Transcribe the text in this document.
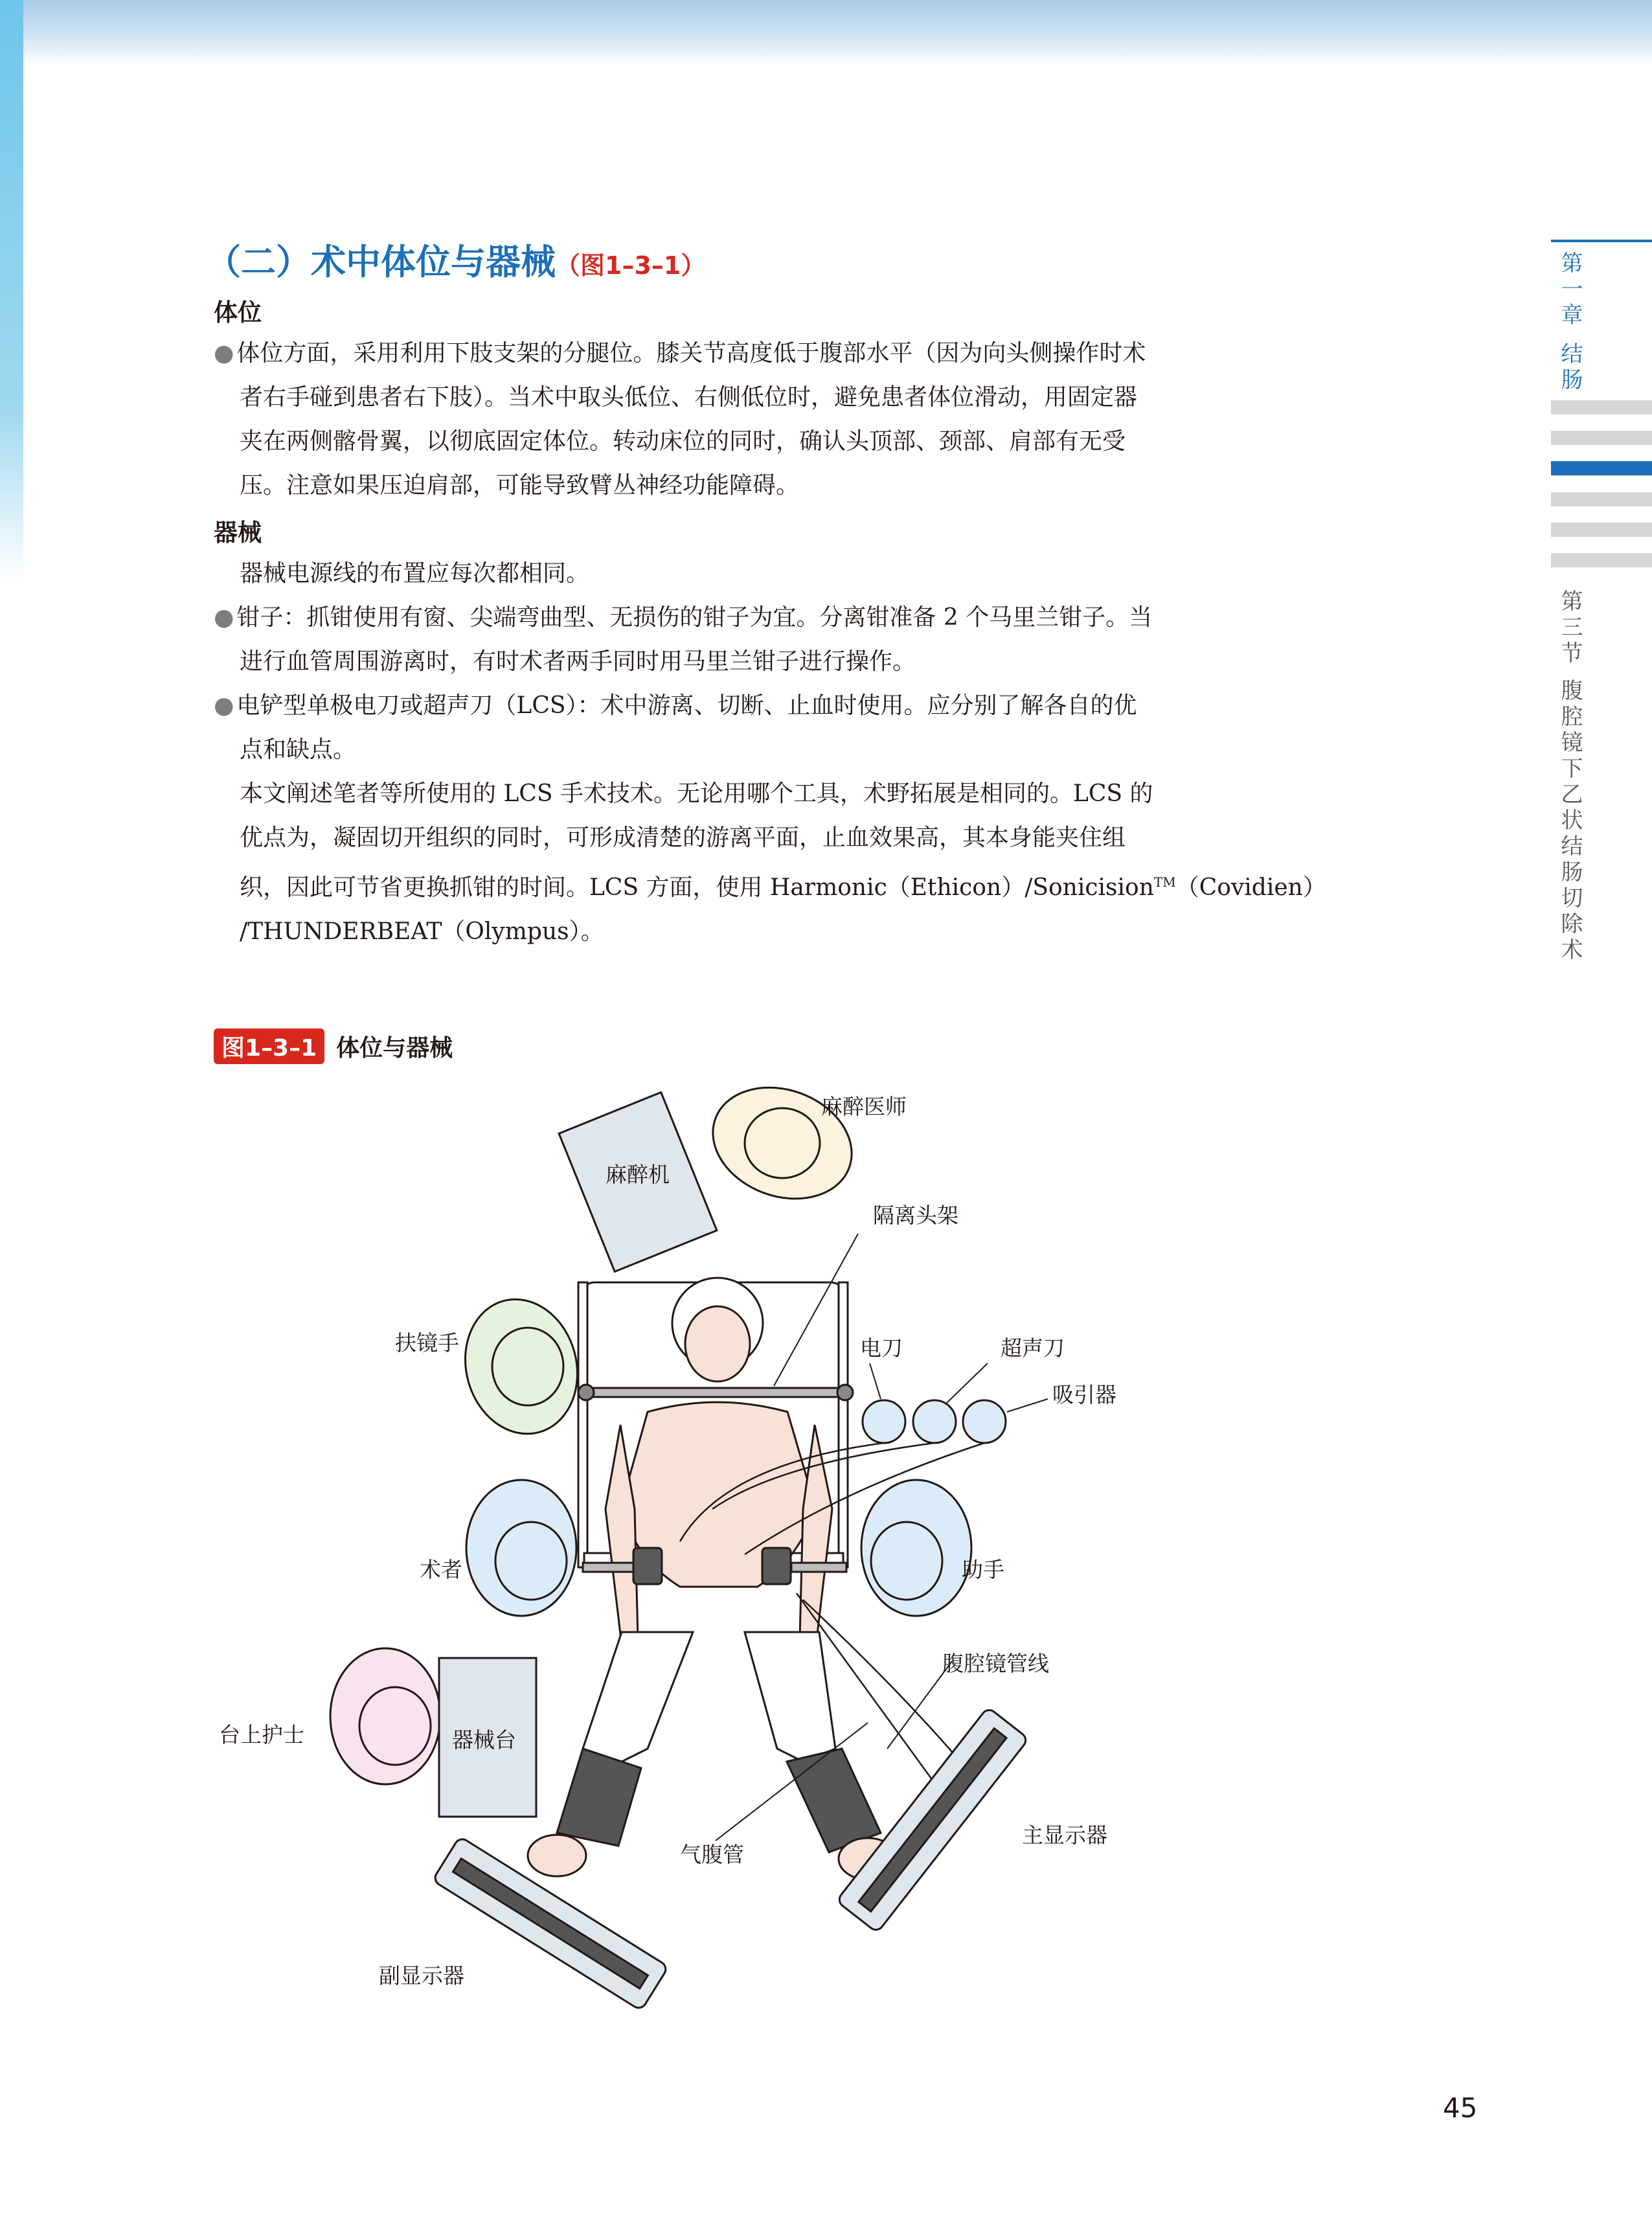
（二）术中体位与器械（图1–3–1）
体位
● 体位方面，采用利用下肢支架的分腿位。膝关节高度低于腹部水平（因为向头侧操作时术
者右手碰到患者右下肢）。当术中取头低位、右侧低位时，避免患者体位滑动，用固定器
夹在两侧髂骨翼，以彻底固定体位。转动床位的同时，确认头顶部、颈部、肩部有无受
压。注意如果压迫肩部，可能导致臂丛神经功能障碍。
器械
器械电源线的布置应每次都相同。
● 钳子：抓钳使用有窗、尖端弯曲型、无损伤的钳子为宜。分离钳准备 2 个马里兰钳子。当
进行血管周围游离时，有时术者两手同时用马里兰钳子进行操作。
● 电铲型单极电刀或超声刀（LCS）：术中游离、切断、止血时使用。应分别了解各自的优
点和缺点。
本文阐述笔者等所使用的 LCS 手术技术。无论用哪个工具，术野拓展是相同的。LCS 的
优点为，凝固切开组织的同时，可形成清楚的游离平面，止血效果高，其本身能夹住组
织，因此可节省更换抓钳的时间。LCS 方面，使用 Harmonic（Ethicon）/Sonicision™（Covidien）
/THUNDERBEAT（Olympus）。
图1–3–1 体位与器械
麻醉机
麻醉医师
隔离头架
扶镜手	电刀	超声刀
吸引器
术者	助手
腹腔镜管线
台上护士	器械台
气腹管
主显示器
副显示器
第一章
结肠
第三节
腹腔镜下乙状结肠切除术
45
